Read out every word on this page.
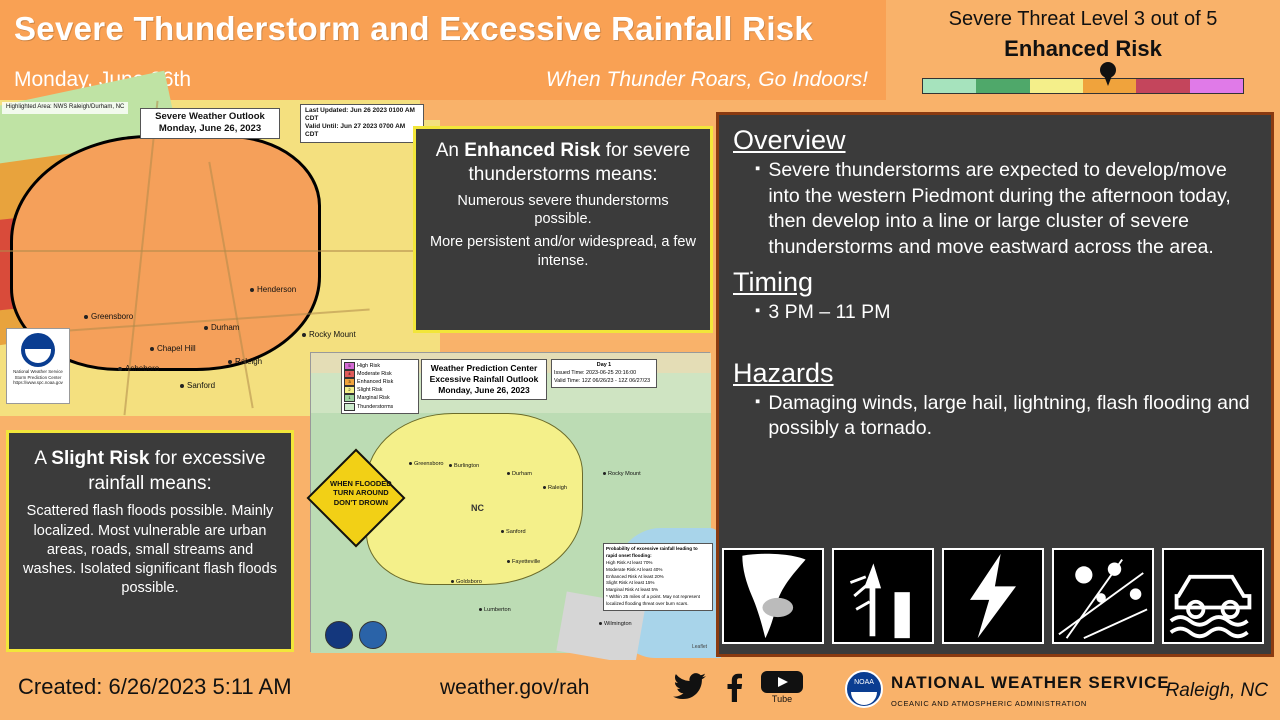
Severe Thunderstorm and Excessive Rainfall Risk
Monday, June 26th	When Thunder Roars, Go Indoors!
Severe Threat Level 3 out of 5
Enhanced Risk
Highlighted Area: NWS Raleigh/Durham, NC
Severe Weather Outlook
Monday, June 26, 2023
Last Updated: Jun 26 2023 0100 AM CDT
Valid Until: Jun 27 2023 0700 AM CDT
Henderson
Greensboro
Durham
Rocky Mount
Chapel Hill
Raleigh
Asheboro
Sanford
National Weather Service Storm Prediction Center https://www.spc.noaa.gov
An Enhanced Risk for severe thunderstorms means:
Numerous severe thunderstorms possible.
More persistent and/or widespread, a few intense.
A Slight Risk for excessive rainfall means:
Scattered flash floods possible. Mainly localized. Most vulnerable are urban areas, roads, small streams and washes. Isolated significant flash floods possible.
5	High Risk
4	Moderate Risk
3	Enhanced Risk
2	Slight Risk
1	Marginal Risk
Thunderstorms
Weather Prediction Center
Excessive Rainfall Outlook
Monday, June 26, 2023
Day 1
Issued Time: 2023-06-25 20:16:00
Valid Time: 12Z 06/26/23 - 12Z 06/27/23
Probability of excessive rainfall leading to rapid onset flooding:
High Risk At least 70%
Moderate Risk At least 40%
Enhanced Risk At least 20%
Slight Risk At least 15%
Marginal Risk At least 5%
* Within 25 miles of a point. May not represent localized flooding threat over burn scars.
NC
Greensboro	Burlington
Durham
Raleigh
Rocky Mount
Sanford
Fayetteville
Goldsboro
Wilmington
Lumberton
WHEN FLOODED TURN AROUND DON'T DROWN
Leaflet
Overview
▪ Severe thunderstorms are expected to develop/move into the western Piedmont during the afternoon today, then develop into a line or large cluster of severe thunderstorms and move eastward across the area.
Timing
▪ 3 PM – 11 PM
Hazards
▪ Damaging winds, large hail, lightning, flash flooding and possibly a tornado.
Created: 6/26/2023 5:11 AM	weather.gov/rah	Tube
NOAA NATIONAL WEATHER SERVICE
OCEANIC AND ATMOSPHERIC ADMINISTRATION
Raleigh, NC
